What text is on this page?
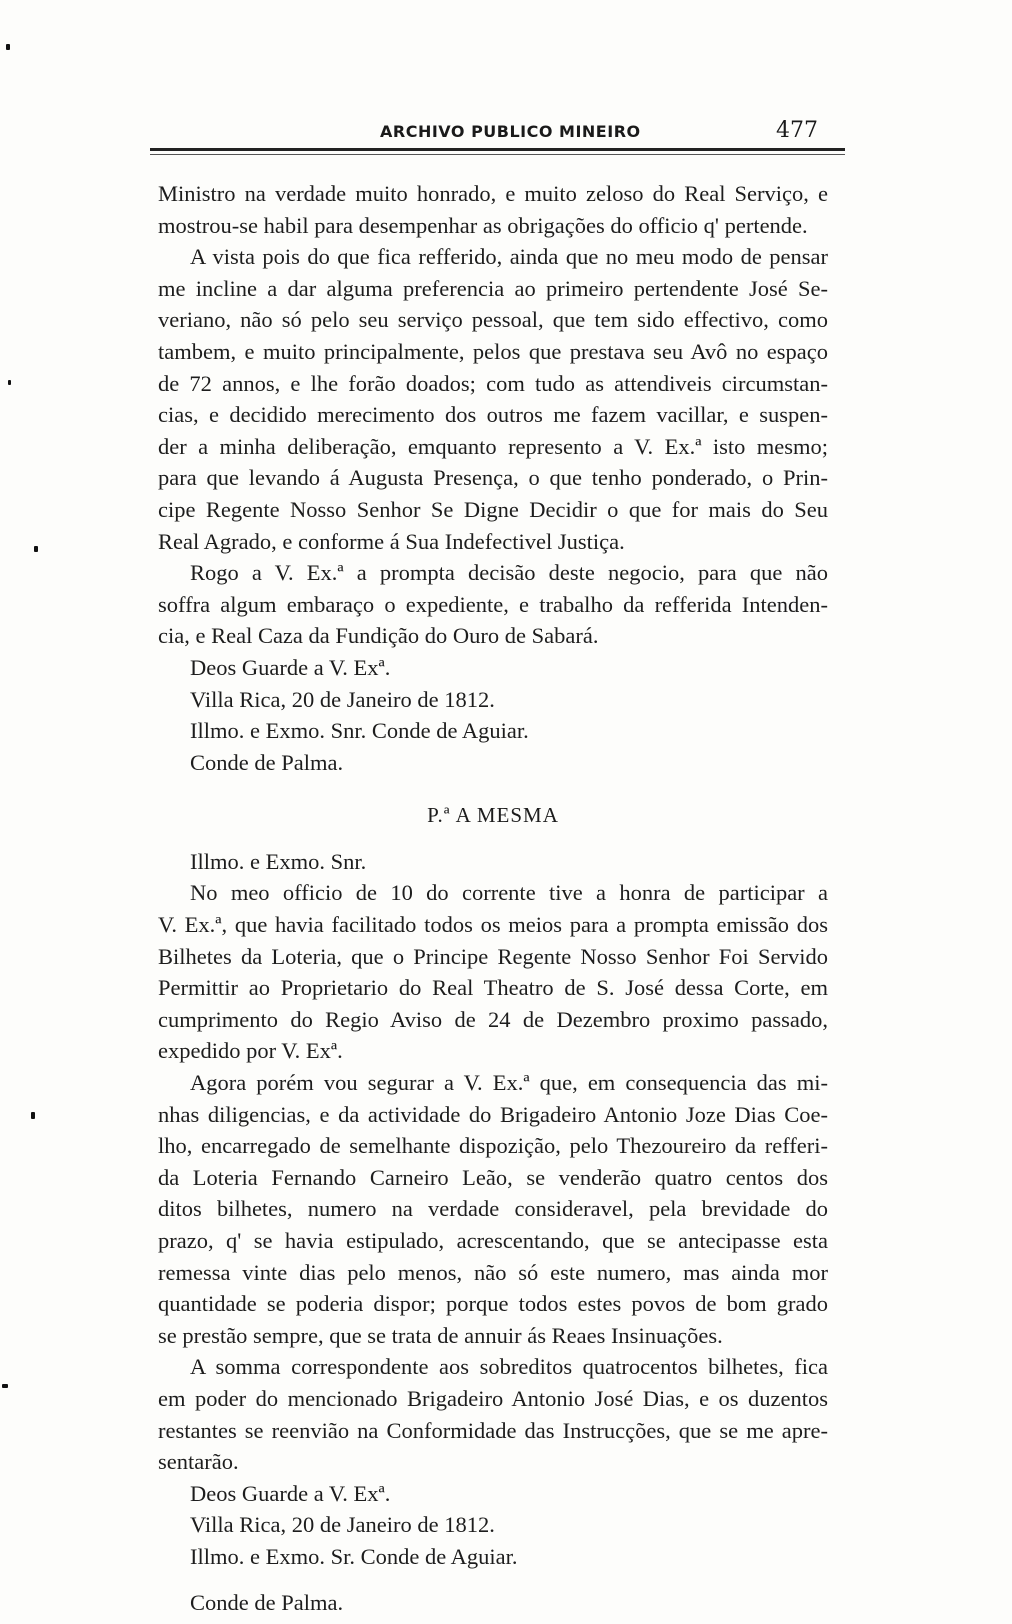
ARCHIVO PUBLICO MINEIRO	477
Ministro na verdade muito honrado, e muito zeloso do Real Serviço, e
mostrou-se habil para desempenhar as obrigações do officio q' pertende.
A vista pois do que fica refferido, ainda que no meu modo de pensar
me incline a dar alguma preferencia ao primeiro pertendente José Se-
veriano, não só pelo seu serviço pessoal, que tem sido effectivo, como
tambem, e muito principalmente, pelos que prestava seu Avô no espaço
de 72 annos, e lhe forão doados; com tudo as attendiveis circumstan-
cias, e decidido merecimento dos outros me fazem vacillar, e suspen-
der a minha deliberação, emquanto represento a V. Ex.ª isto mesmo;
para que levando á Augusta Presença, o que tenho ponderado, o Prin-
cipe Regente Nosso Senhor Se Digne Decidir o que for mais do Seu
Real Agrado, e conforme á Sua Indefectivel Justiça.
Rogo a V. Ex.ª a prompta decisão deste negocio, para que não
soffra algum embaraço o expediente, e trabalho da refferida Intenden-
cia, e Real Caza da Fundição do Ouro de Sabará.
Deos Guarde a V. Exª.
Villa Rica, 20 de Janeiro de 1812.
Illmo. e Exmo. Snr. Conde de Aguiar.
Conde de Palma.
P.ª A MESMA
Illmo. e Exmo. Snr.
No meo officio de 10 do corrente tive a honra de participar a
V. Ex.ª, que havia facilitado todos os meios para a prompta emissão dos
Bilhetes da Loteria, que o Principe Regente Nosso Senhor Foi Servido
Permittir ao Proprietario do Real Theatro de S. José dessa Corte, em
cumprimento do Regio Aviso de 24 de Dezembro proximo passado,
expedido por V. Exª.
Agora porém vou segurar a V. Ex.ª que, em consequencia das mi-
nhas diligencias, e da actividade do Brigadeiro Antonio Joze Dias Coe-
lho, encarregado de semelhante dispozição, pelo Thezoureiro da refferi-
da Loteria Fernando Carneiro Leão, se venderão quatro centos dos
ditos bilhetes, numero na verdade consideravel, pela brevidade do
prazo, q' se havia estipulado, acrescentando, que se antecipasse esta
remessa vinte dias pelo menos, não só este numero, mas ainda mor
quantidade se poderia dispor; porque todos estes povos de bom grado
se prestão sempre, que se trata de annuir ás Reaes Insinuações.
A somma correspondente aos sobreditos quatrocentos bilhetes, fica
em poder do mencionado Brigadeiro Antonio José Dias, e os duzentos
restantes se reenvião na Conformidade das Instrucções, que se me apre-
sentarão.
Deos Guarde a V. Exª.
Villa Rica, 20 de Janeiro de 1812.
Illmo. e Exmo. Sr. Conde de Aguiar.
Conde de Palma.
